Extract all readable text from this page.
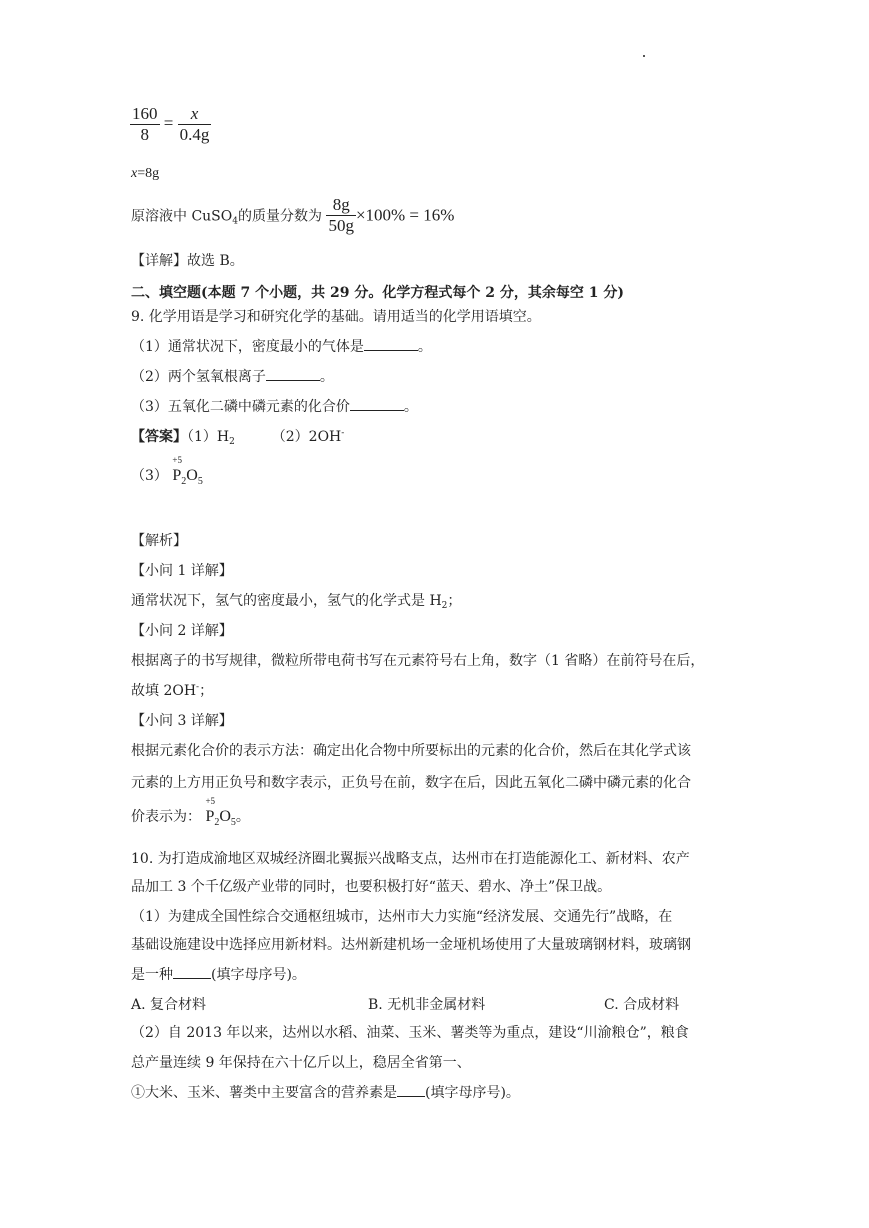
$\frac{160}{8} = \frac{x}{0.4g}$
x=8g
原溶液中 CuSO$_4$的质量分数为 $\frac{8g}{50g} \times 100\% = 16\%$
【详解】故选 B。
二、填空题(本题 7 个小题，共 29 分。化学方程式每个 2 分，其余每空 1 分)
9. 化学用语是学习和研究化学的基础。请用适当的化学用语填空。
（1）通常状况下，密度最小的气体是	。
（2）两个氢氧根离子	。
（3）五氧化二磷中磷元素的化合价	。
【答案】$(1)H_2$	（2）2OH-
（3）
+5
$P_2O_5$
【解析】
【小问 1 详解】
通常状况下，氢气的密度最小，氢气的化学式是 $H_2$；
【小问 2 详解】
根据离子的书写规律，微粒所带电荷书写在元素符号右上角，数字（1 省略）在前符号在后，
故填 2OH-；
【小问 3 详解】
根据元素化合价的表示方法：确定出化合物中所要标出的元素的化合价，然后在其化学式该
元素的上方用正负号和数字表示，正负号在前，数字在后，因此五氧化二磷中磷元素的化合
价表示为：
+5
$P_2O_5$。
10. 为打造成渝地区双城经济圈北翼振兴战略支点，达州市在打造能源化工、新材料、农产
品加工 3 个千亿级产业带的同时，也要积极打好“蓝天、碧水、净土”保卫战。
（1）为建成全国性综合交通枢纽城市，达州市大力实施“经济发展、交通先行”战略，在
基础设施建设中选择应用新材料。达州新建机场一金垭机场使用了大量玻璃钢材料，玻璃钢
是一种	(填字母序号)。
A. 复合材料	B. 无机非金属材料	C. 合成材料
（2）自 2013 年以来，达州以水稻、油菜、玉米、薯类等为重点，建设“川渝粮仓”，粮食
总产量连续 9 年保持在六十亿斤以上，稳居全省第一、
①大米、玉米、薯类中主要富含的营养素是 (填字母序号)。
